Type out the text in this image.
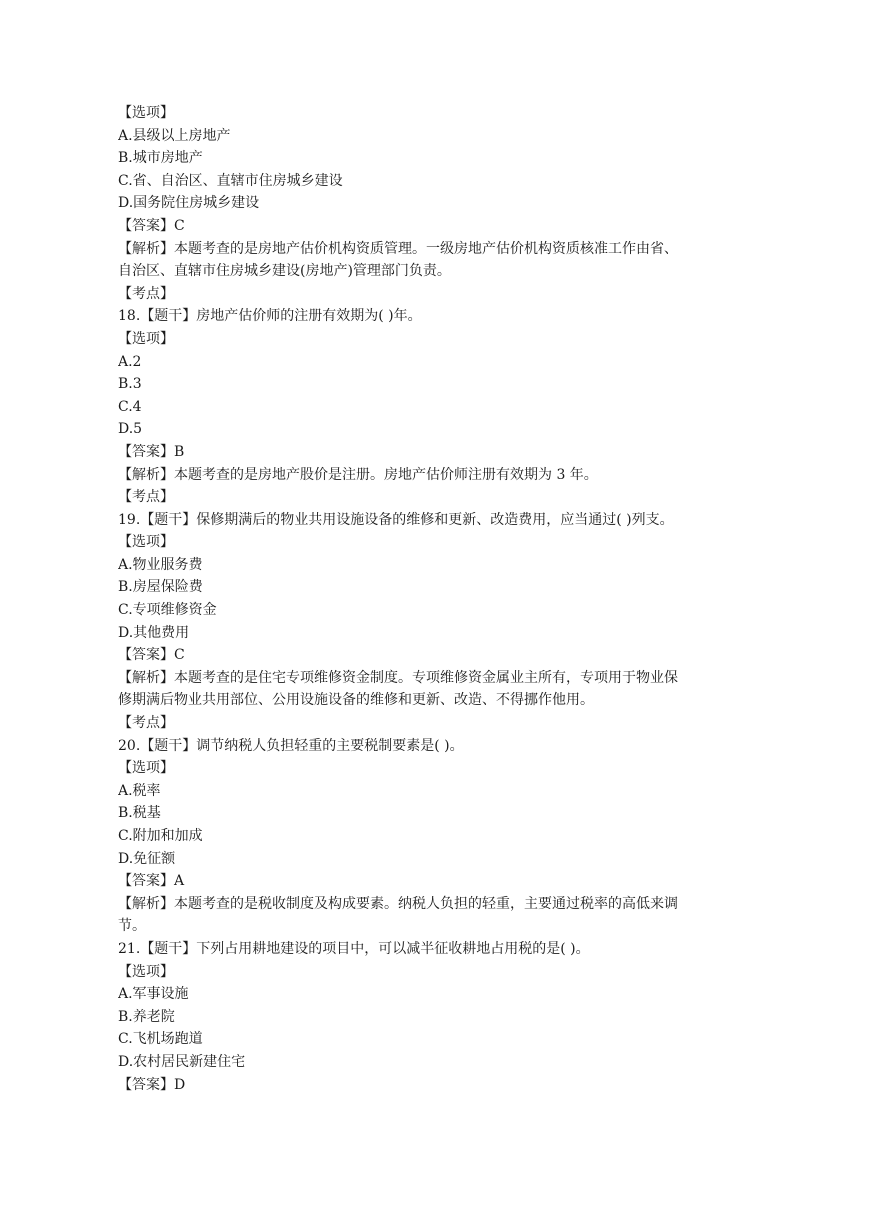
【选项】
A.县级以上房地产
B.城市房地产
C.省、自治区、直辖市住房城乡建设
D.国务院住房城乡建设
【答案】C
【解析】本题考查的是房地产估价机构资质管理。一级房地产估价机构资质核准工作由省、
自治区、直辖市住房城乡建设(房地产)管理部门负责。
【考点】
18.【题干】房地产估价师的注册有效期为( )年。
【选项】
A.2
B.3
C.4
D.5
【答案】B
【解析】本题考查的是房地产股价是注册。房地产估价师注册有效期为 3 年。
【考点】
19.【题干】保修期满后的物业共用设施设备的维修和更新、改造费用，应当通过( )列支。
【选项】
A.物业服务费
B.房屋保险费
C.专项维修资金
D.其他费用
【答案】C
【解析】本题考查的是住宅专项维修资金制度。专项维修资金属业主所有，专项用于物业保
修期满后物业共用部位、公用设施设备的维修和更新、改造、不得挪作他用。
【考点】
20.【题干】调节纳税人负担轻重的主要税制要素是( )。
【选项】
A.税率
B.税基
C.附加和加成
D.免征额
【答案】A
【解析】本题考查的是税收制度及构成要素。纳税人负担的轻重，主要通过税率的高低来调
节。
21.【题干】下列占用耕地建设的项目中，可以减半征收耕地占用税的是( )。
【选项】
A.军事设施
B.养老院
C.飞机场跑道
D.农村居民新建住宅
【答案】D
